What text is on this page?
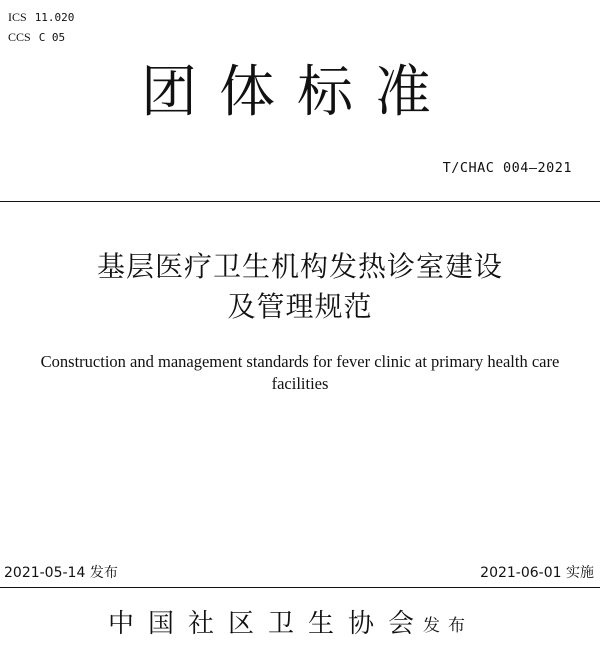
ICS 11.020
CCS C 05
团体标准
T/CHAC 004—2021
基层医疗卫生机构发热诊室建设
及管理规范
Construction and management standards for fever clinic at primary health care
facilities
2021-05-14 发布	2021-06-01 实施
中国社区卫生协会
发布
